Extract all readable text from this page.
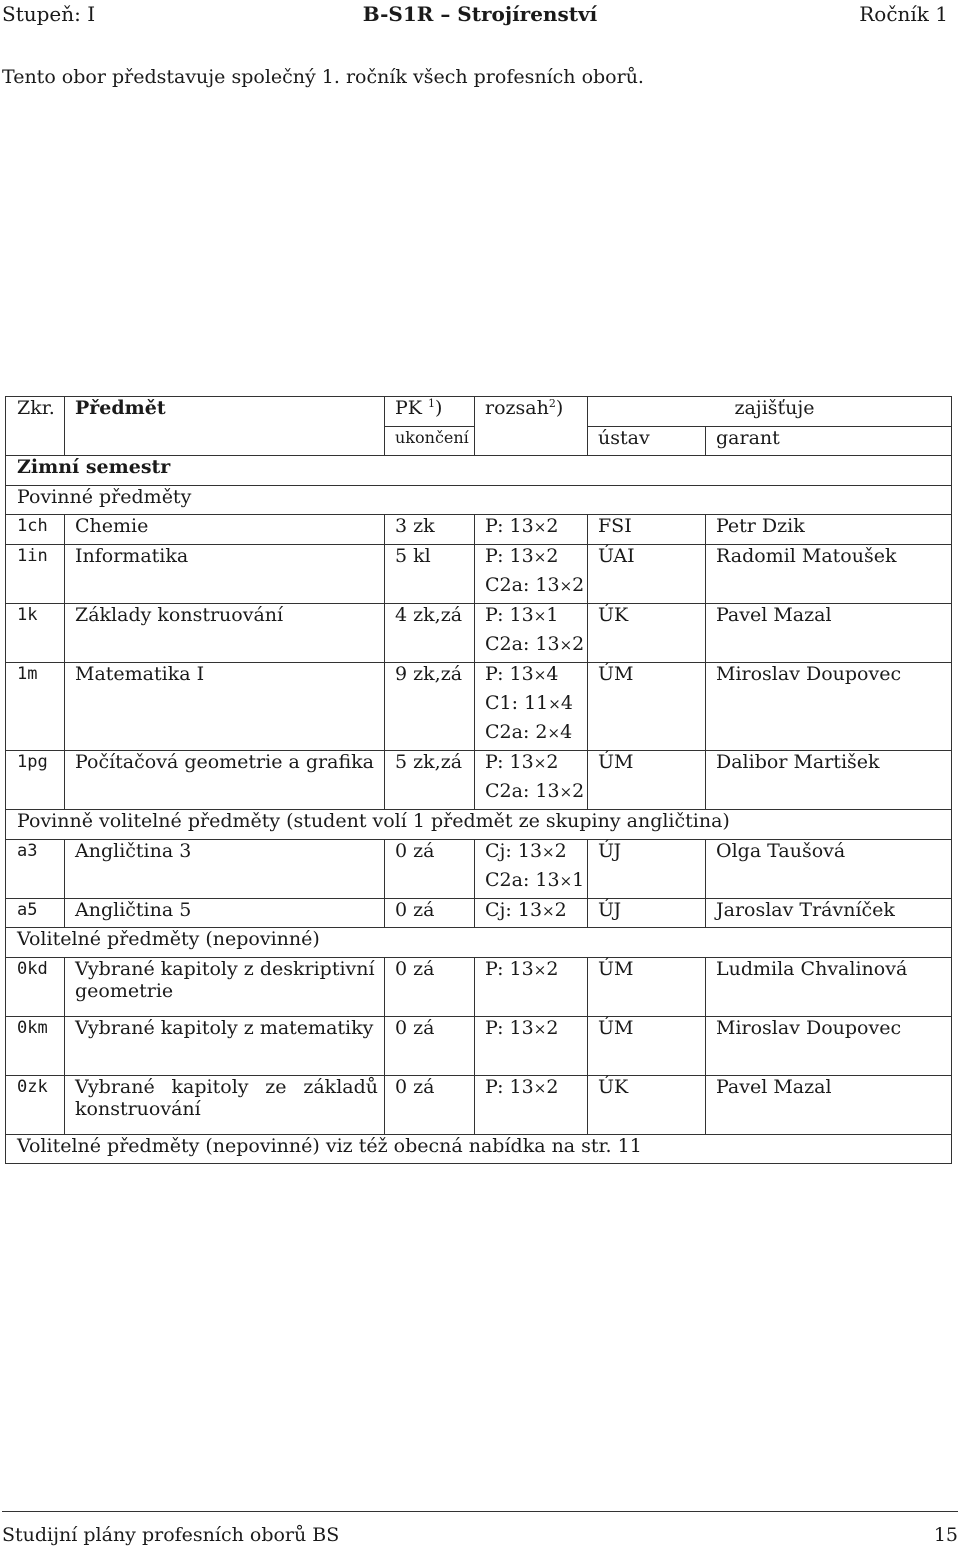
Stupeň: I	B-S1R – Strojírenství	Ročník 1
Tento obor představuje společný 1. ročník všech profesních oborů.
Zkr.	Předmět	PK $^1$)	rozsah$^2$)	zajišťuje	
		ukončení		ústav	garant
Zimní semestr					
Povinné předměty					
1ch	Chemie	3 zk	P: 13×2	FSI	Petr Dzik
1in	Informatika	5 kl	P: 13×2	ÚAI	Radomil Matoušek
			C2a: 13×2		
1k	Základy konstruování	4 zk,zá	P: 13×1	ÚK	Pavel Mazal
			C2a: 13×2		
1m	Matematika I	9 zk,zá	P: 13×4	ÚM	Miroslav Doupovec
			C1: 11×4		
			C2a: 2×4		
1pg	Počítačová geometrie a grafika	5 zk,zá	P: 13×2	ÚM	Dalibor Martišek
			C2a: 13×2		
Povinně volitelné předměty (student volí 1 předmět ze skupiny angličtina)					
a3	Angličtina 3	0 zá	Cj: 13×2	ÚJ	Olga Taušová
			C2a: 13×1		
a5	Angličtina 5	0 zá	Cj: 13×2	ÚJ	Jaroslav Trávníček
Volitelné předměty (nepovinné)					
0kd	Vybrané kapitoly z deskriptivní geometrie	0 zá	P: 13×2	ÚM	Ludmila Chvalinová

0km	Vybrané kapitoly z matematiky	0 zá	P: 13×2	ÚM	Miroslav Doupovec

0zk	Vybrané kapitoly ze základů konstruování	0 zá	P: 13×2	ÚK	Pavel Mazal

Volitelné předměty (nepovinné) viz též obecná nabídka na str. 11					
Studijní plány profesních oborů BS	15
